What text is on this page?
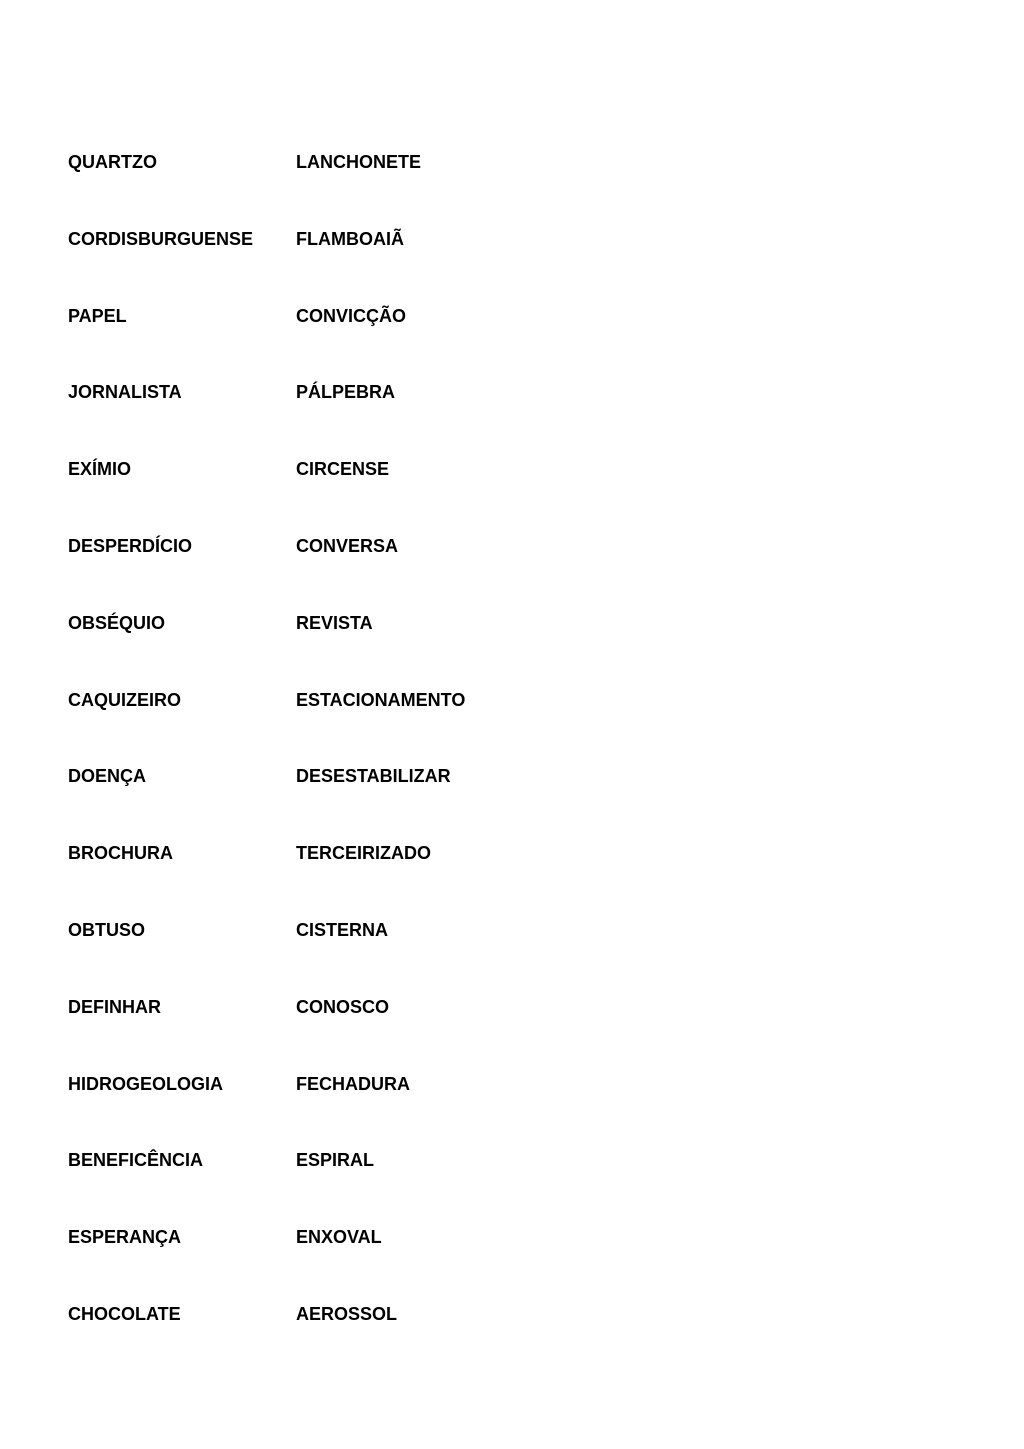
QUARTZO	LANCHONETE
CORDISBURGUENSE	FLAMBOAIÃ
PAPEL	CONVICÇÃO
JORNALISTA	PÁLPEBRA
EXÍMIO	CIRCENSE
DESPERDÍCIO	CONVERSA
OBSÉQUIO	REVISTA
CAQUIZEIRO	ESTACIONAMENTO
DOENÇA	DESESTABILIZAR
BROCHURA	TERCEIRIZADO
OBTUSO	CISTERNA
DEFINHAR	CONOSCO
HIDROGEOLOGIA	FECHADURA
BENEFICÊNCIA	ESPIRAL
ESPERANÇA	ENXOVAL
CHOCOLATE	AEROSSOL
